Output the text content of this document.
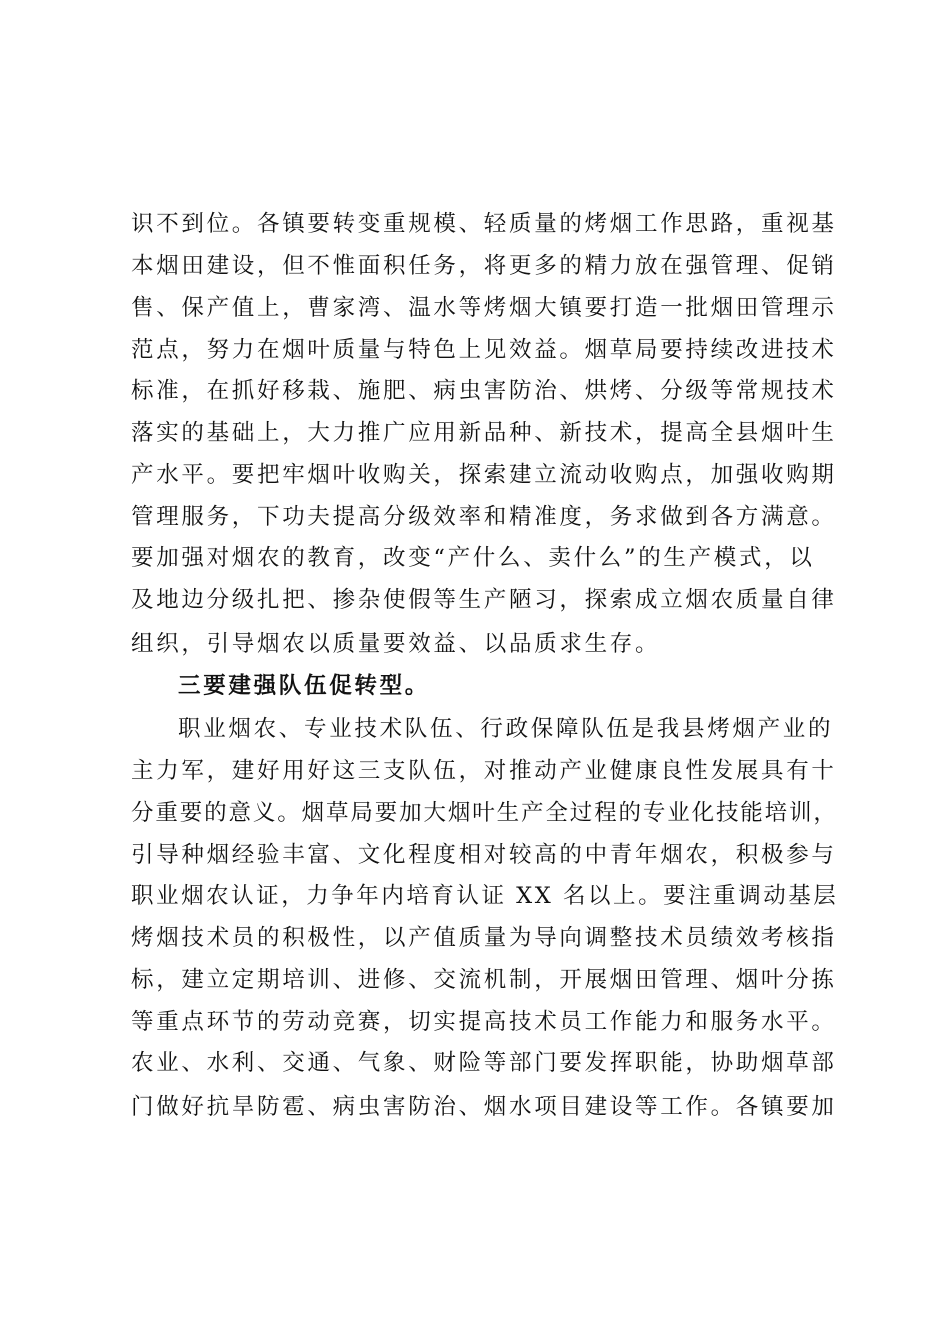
识不到位。各镇要转变重规模、轻质量的烤烟工作思路，重视基
本烟田建设，但不惟面积任务，将更多的精力放在强管理、促销
售、保产值上，曹家湾、温水等烤烟大镇要打造一批烟田管理示
范点，努力在烟叶质量与特色上见效益。烟草局要持续改进技术
标准，在抓好移栽、施肥、病虫害防治、烘烤、分级等常规技术
落实的基础上，大力推广应用新品种、新技术，提高全县烟叶生
产水平。要把牢烟叶收购关，探索建立流动收购点，加强收购期
管理服务，下功夫提高分级效率和精准度，务求做到各方满意。
要加强对烟农的教育，改变“产什么、卖什么”的生产模式，以
及地边分级扎把、掺杂使假等生产陋习，探索成立烟农质量自律
组织，引导烟农以质量要效益、以品质求生存。
三要建强队伍促转型。
职业烟农、专业技术队伍、行政保障队伍是我县烤烟产业的
主力军，建好用好这三支队伍，对推动产业健康良性发展具有十
分重要的意义。烟草局要加大烟叶生产全过程的专业化技能培训，
引导种烟经验丰富、文化程度相对较高的中青年烟农，积极参与
职业烟农认证，力争年内培育认证 XX 名以上。要注重调动基层
烤烟技术员的积极性，以产值质量为导向调整技术员绩效考核指
标，建立定期培训、进修、交流机制，开展烟田管理、烟叶分拣
等重点环节的劳动竞赛，切实提高技术员工作能力和服务水平。
农业、水利、交通、气象、财险等部门要发挥职能，协助烟草部
门做好抗旱防雹、病虫害防治、烟水项目建设等工作。各镇要加
